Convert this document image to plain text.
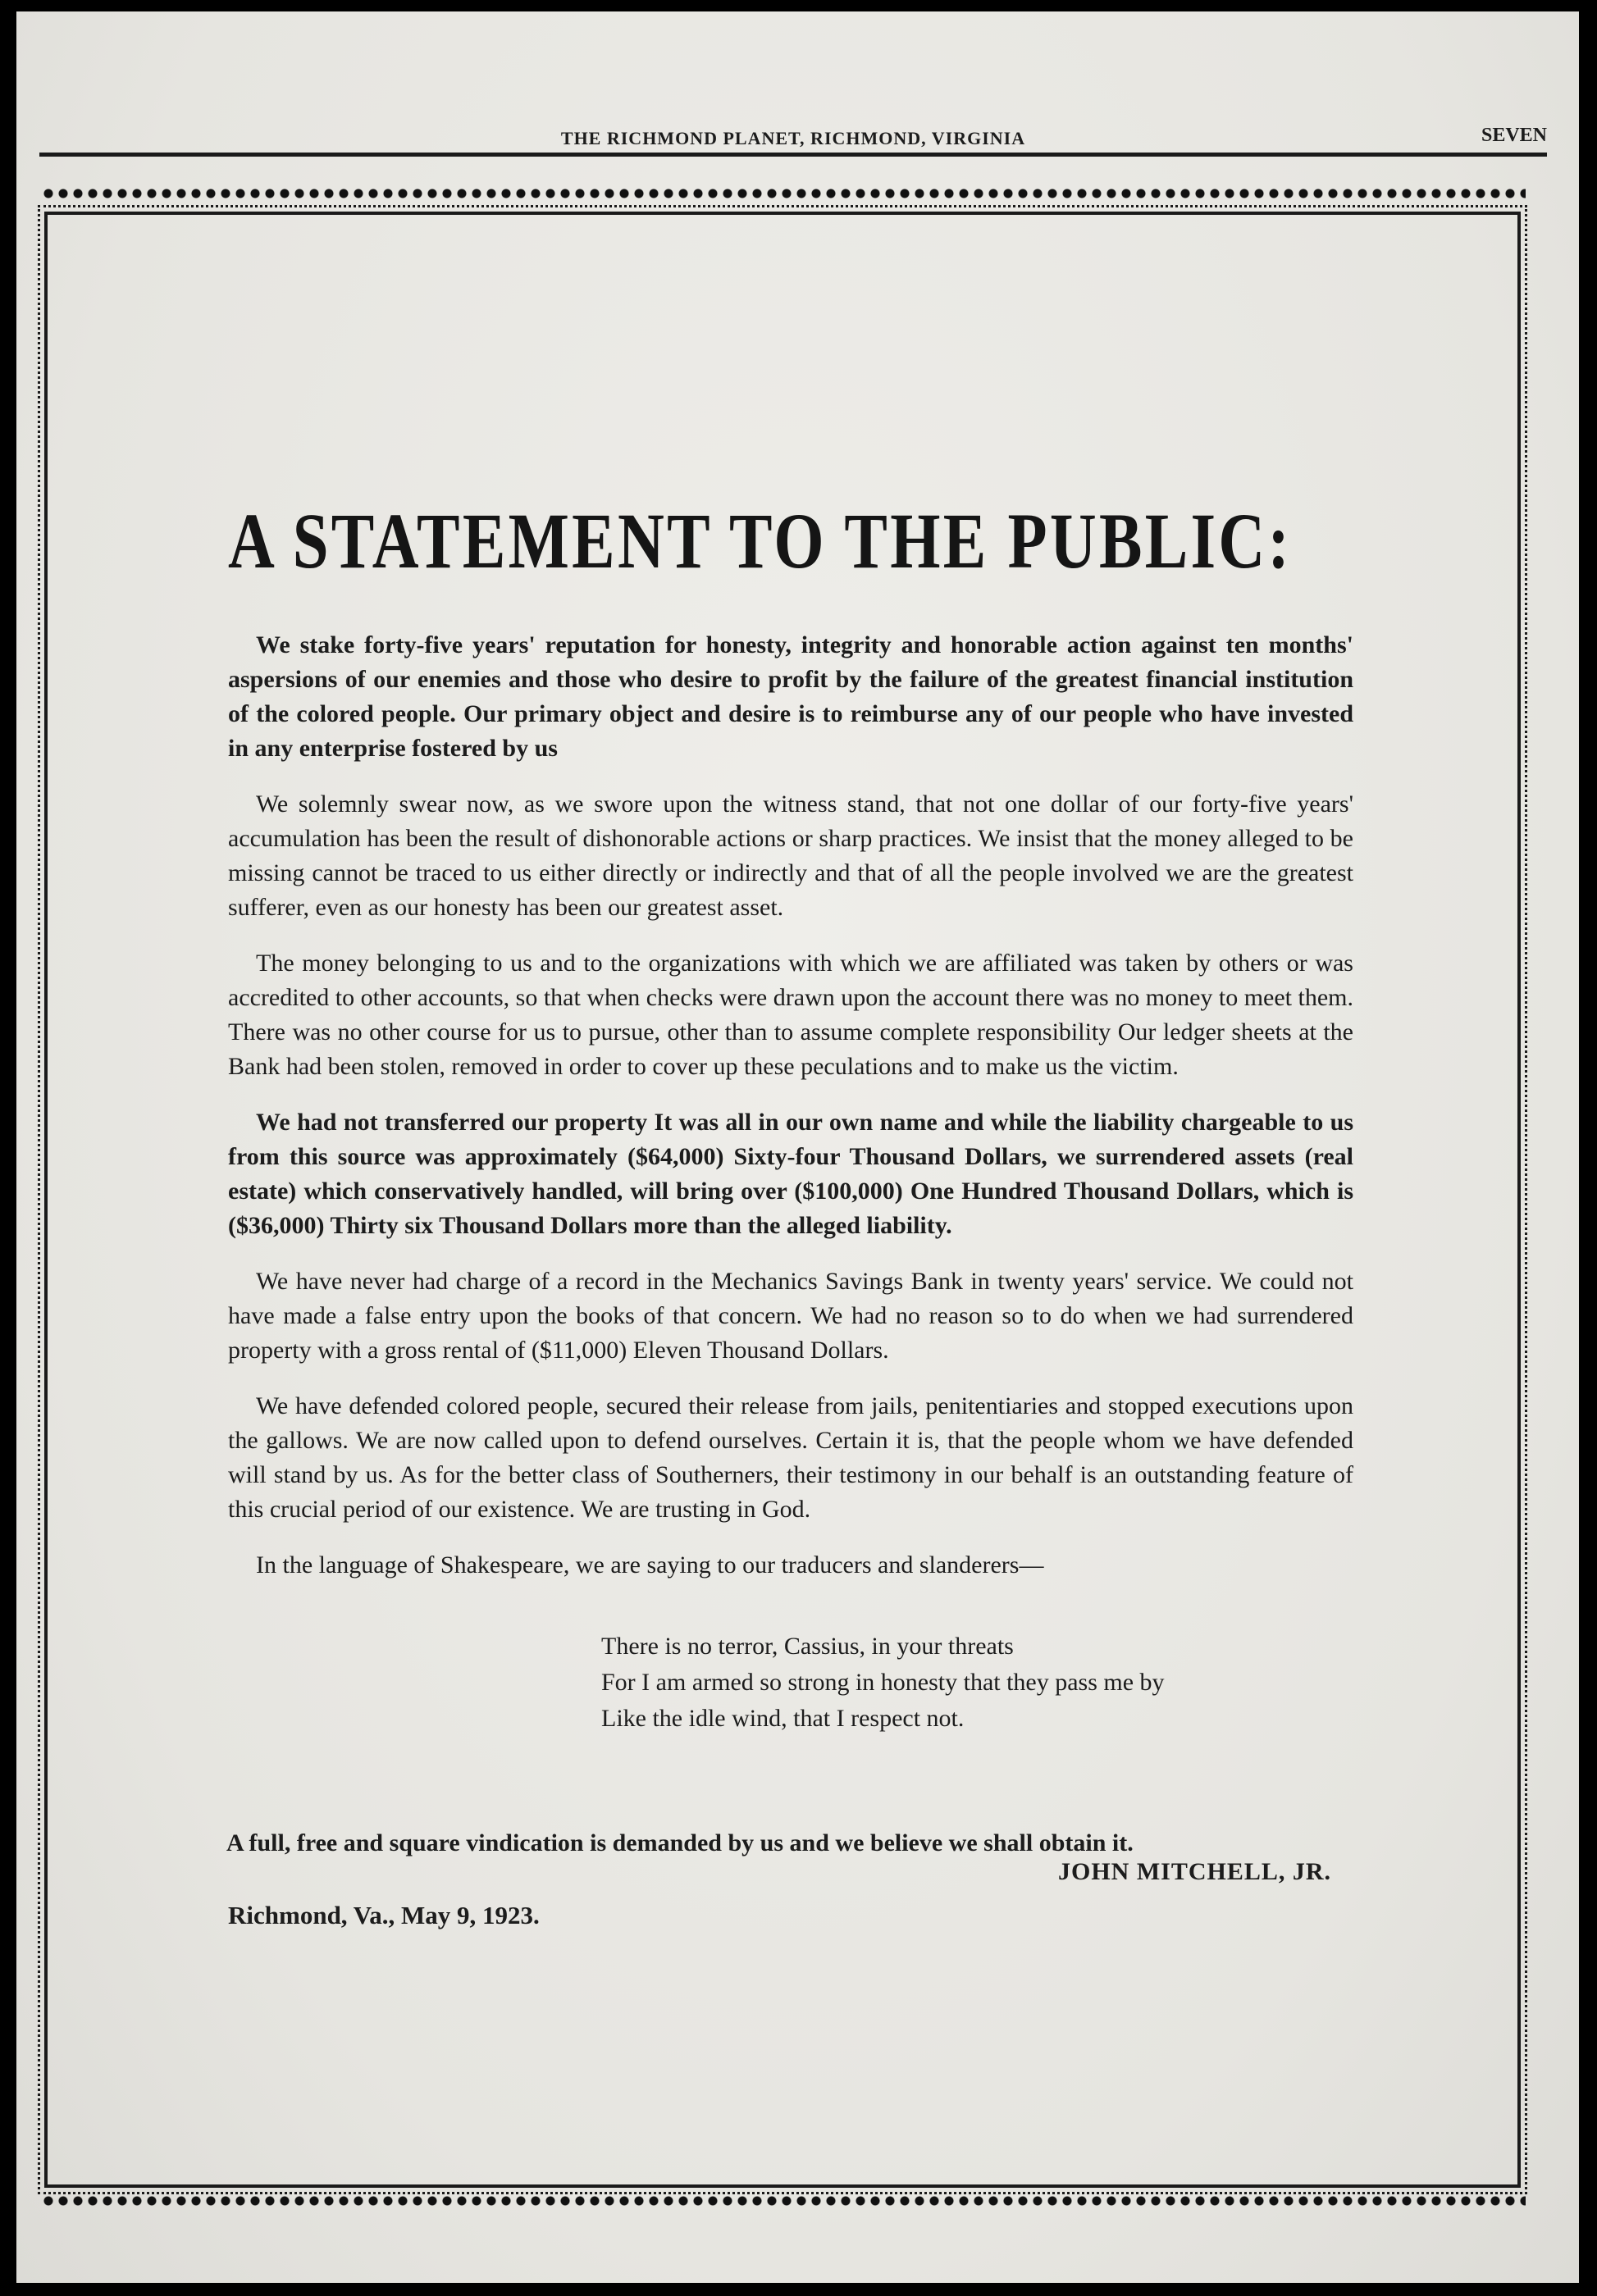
THE RICHMOND PLANET, RICHMOND, VIRGINIA	SEVEN
A STATEMENT TO THE PUBLIC:

We stake forty-five years' reputation for honesty, integrity and honorable action against ten months' aspersions of our enemies and those who desire to profit by the failure of the greatest financial institution of the colored people. Our primary object and desire is to reimburse any of our people who have invested in any enterprise fostered by us

We solemnly swear now, as we swore upon the witness stand, that not one dollar of our forty-five years' accumulation has been the result of dishonorable actions or sharp practices. We insist that the money alleged to be missing cannot be traced to us either directly or indirectly and that of all the people involved we are the greatest sufferer, even as our honesty has been our greatest asset.

The money belonging to us and to the organizations with which we are affiliated was taken by others or was accredited to other accounts, so that when checks were drawn upon the account there was no money to meet them. There was no other course for us to pursue, other than to assume complete responsibility Our ledger sheets at the Bank had been stolen, removed in order to cover up these peculations and to make us the victim.

We had not transferred our property It was all in our own name and while the liability chargeable to us from this source was approximately ($64,000) Sixty-four Thousand Dollars, we surrendered assets (real estate) which conservatively handled, will bring over ($100,000) One Hundred Thousand Dollars, which is ($36,000) Thirty six Thousand Dollars more than the alleged liability.

We have never had charge of a record in the Mechanics Savings Bank in twenty years' service. We could not have made a false entry upon the books of that concern. We had no reason so to do when we had surrendered property with a gross rental of ($11,000) Eleven Thousand Dollars.

We have defended colored people, secured their release from jails, penitentiaries and stopped executions upon the gallows. We are now called upon to defend ourselves. Certain it is, that the people whom we have defended will stand by us. As for the better class of Southerners, their testimony in our behalf is an outstanding feature of this crucial period of our existence. We are trusting in God.

In the language of Shakespeare, we are saying to our traducers and slanderers—

There is no terror, Cassius, in your threats
For I am armed so strong in honesty that they pass me by
Like the idle wind, that I respect not.
A full, free and square vindication is demanded by us and we believe we shall obtain it.
JOHN MITCHELL, JR.
Richmond, Va., May 9, 1923.
​
